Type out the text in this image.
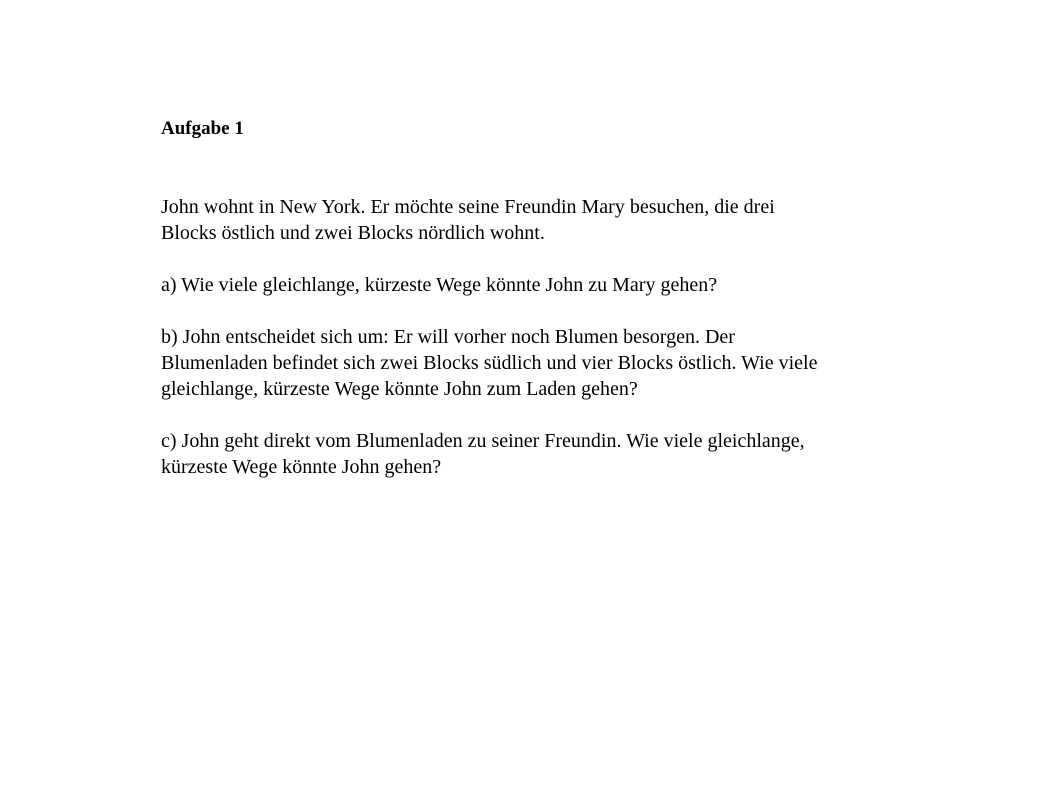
Aufgabe 1

John wohnt in New York. Er möchte seine Freundin Mary besuchen, die drei
Blocks östlich und zwei Blocks nördlich wohnt.
a) Wie viele gleichlange, kürzeste Wege könnte John zu Mary gehen?
b) John entscheidet sich um: Er will vorher noch Blumen besorgen. Der
Blumenladen befindet sich zwei Blocks südlich und vier Blocks östlich. Wie viele
gleichlange, kürzeste Wege könnte John zum Laden gehen?
c) John geht direkt vom Blumenladen zu seiner Freundin. Wie viele gleichlange,
kürzeste Wege könnte John gehen?
